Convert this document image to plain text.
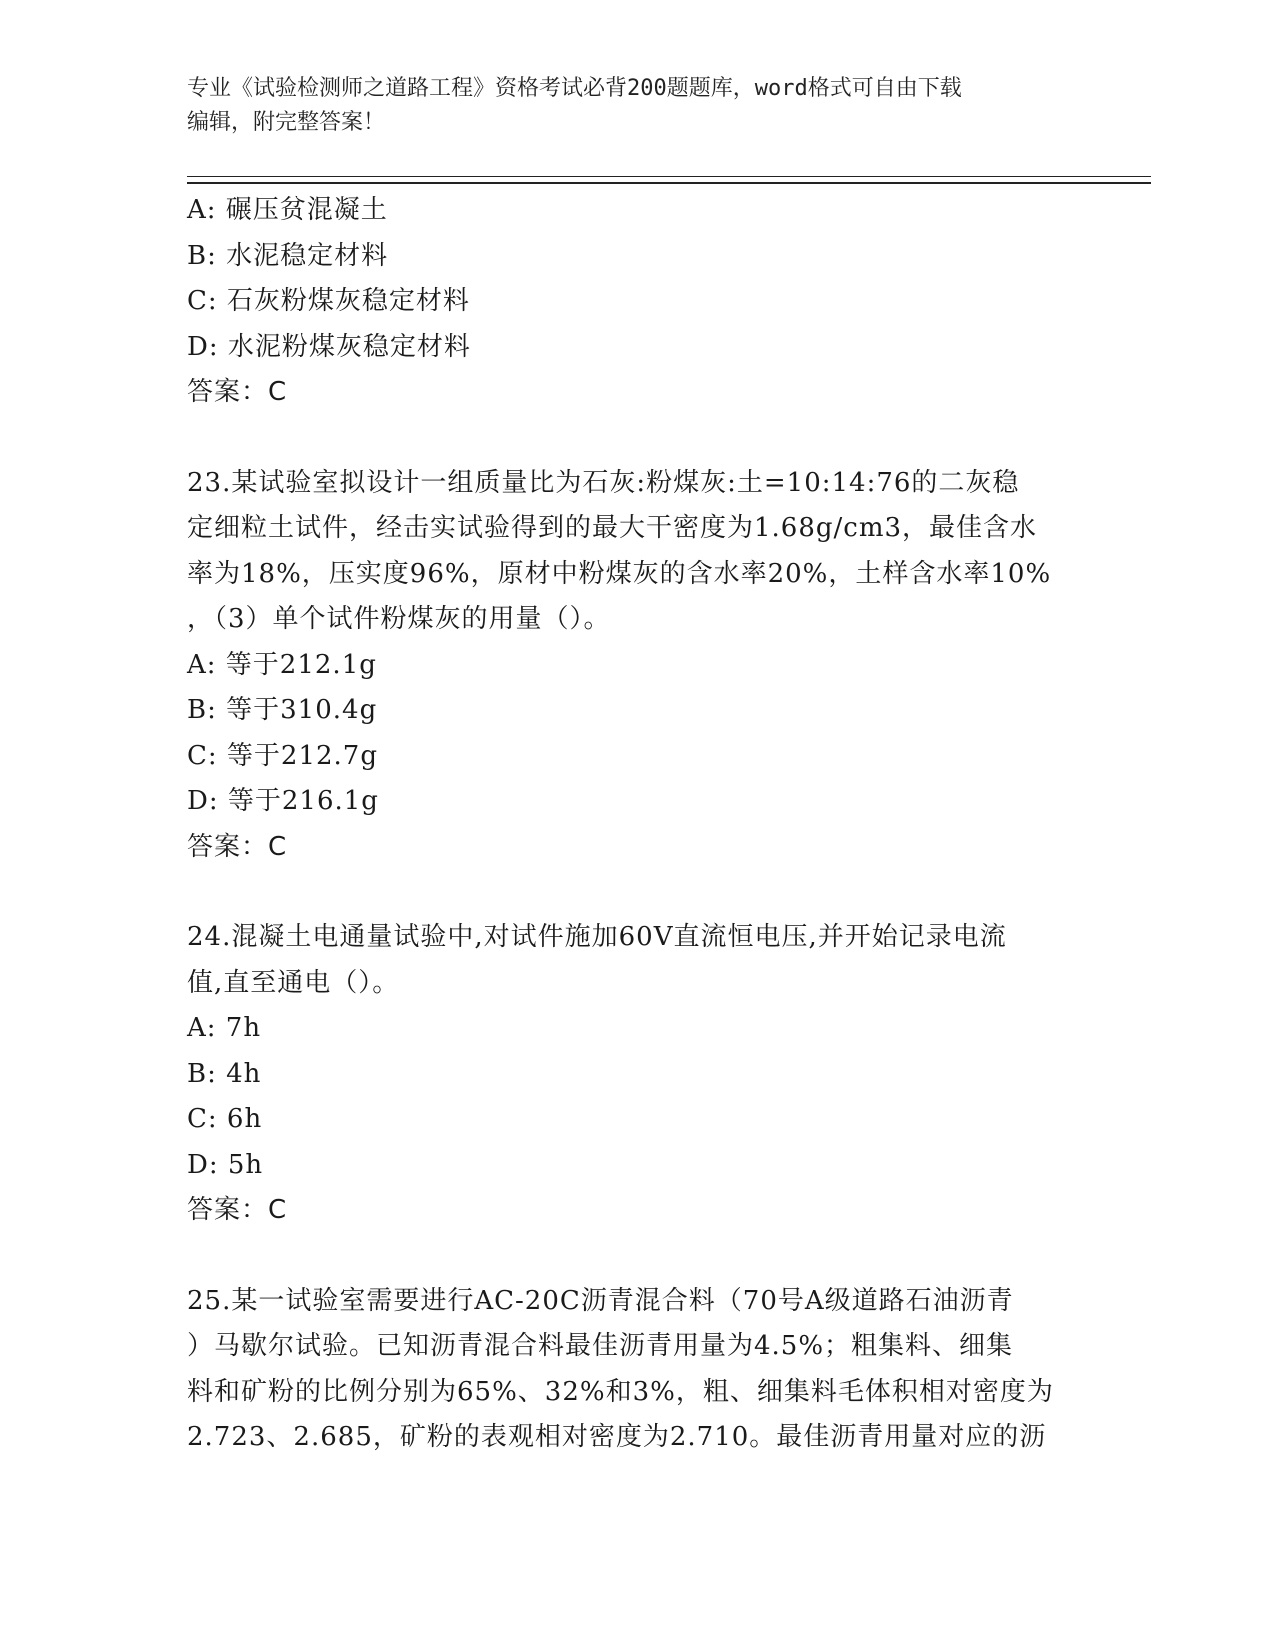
专业《试验检测师之道路工程》资格考试必背200题题库，word格式可自由下载
编辑，附完整答案！
A: 碾压贫混凝土
B: 水泥稳定材料
C: 石灰粉煤灰稳定材料
D: 水泥粉煤灰稳定材料
答案：C
23.某试验室拟设计一组质量比为石灰:粉煤灰:土=10:14:76的二灰稳
定细粒土试件，经击实试验得到的最大干密度为1.68g/cm3，最佳含水
率为18%，压实度96%，原材中粉煤灰的含水率20%，土样含水率10%
，（3）单个试件粉煤灰的用量（）。
A: 等于212.1g
B: 等于310.4g
C: 等于212.7g
D: 等于216.1g
答案：C
24.混凝土电通量试验中,对试件施加60V直流恒电压,并开始记录电流
值,直至通电（）。
A: 7h
B: 4h
C: 6h
D: 5h
答案：C
25.某一试验室需要进行AC-20C沥青混合料（70号A级道路石油沥青
）马歇尔试验。已知沥青混合料最佳沥青用量为4.5%；粗集料、细集
料和矿粉的比例分别为65%、32%和3%，粗、细集料毛体积相对密度为
2.723、2.685，矿粉的表观相对密度为2.710。最佳沥青用量对应的沥
